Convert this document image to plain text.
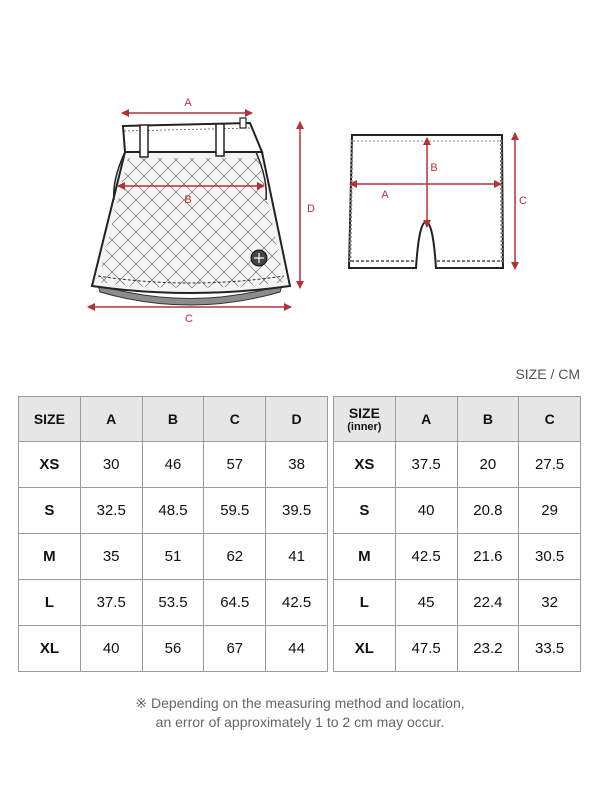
A
B
C
D
A
B
C
SIZE / CM
SIZE	A	B	C	D
XS	30	46	57	38
S	32.5	48.5	59.5	39.5
M	35	51	62	41
L	37.5	53.5	64.5	42.5
XL	40	56	67	44
SIZE
(inner)	A	B	C
XS	37.5	20	27.5
S	40	20.8	29
M	42.5	21.6	30.5
L	45	22.4	32
XL	47.5	23.2	33.5
※ Depending on the measuring method and location,
an error of approximately 1 to 2 cm may occur.
